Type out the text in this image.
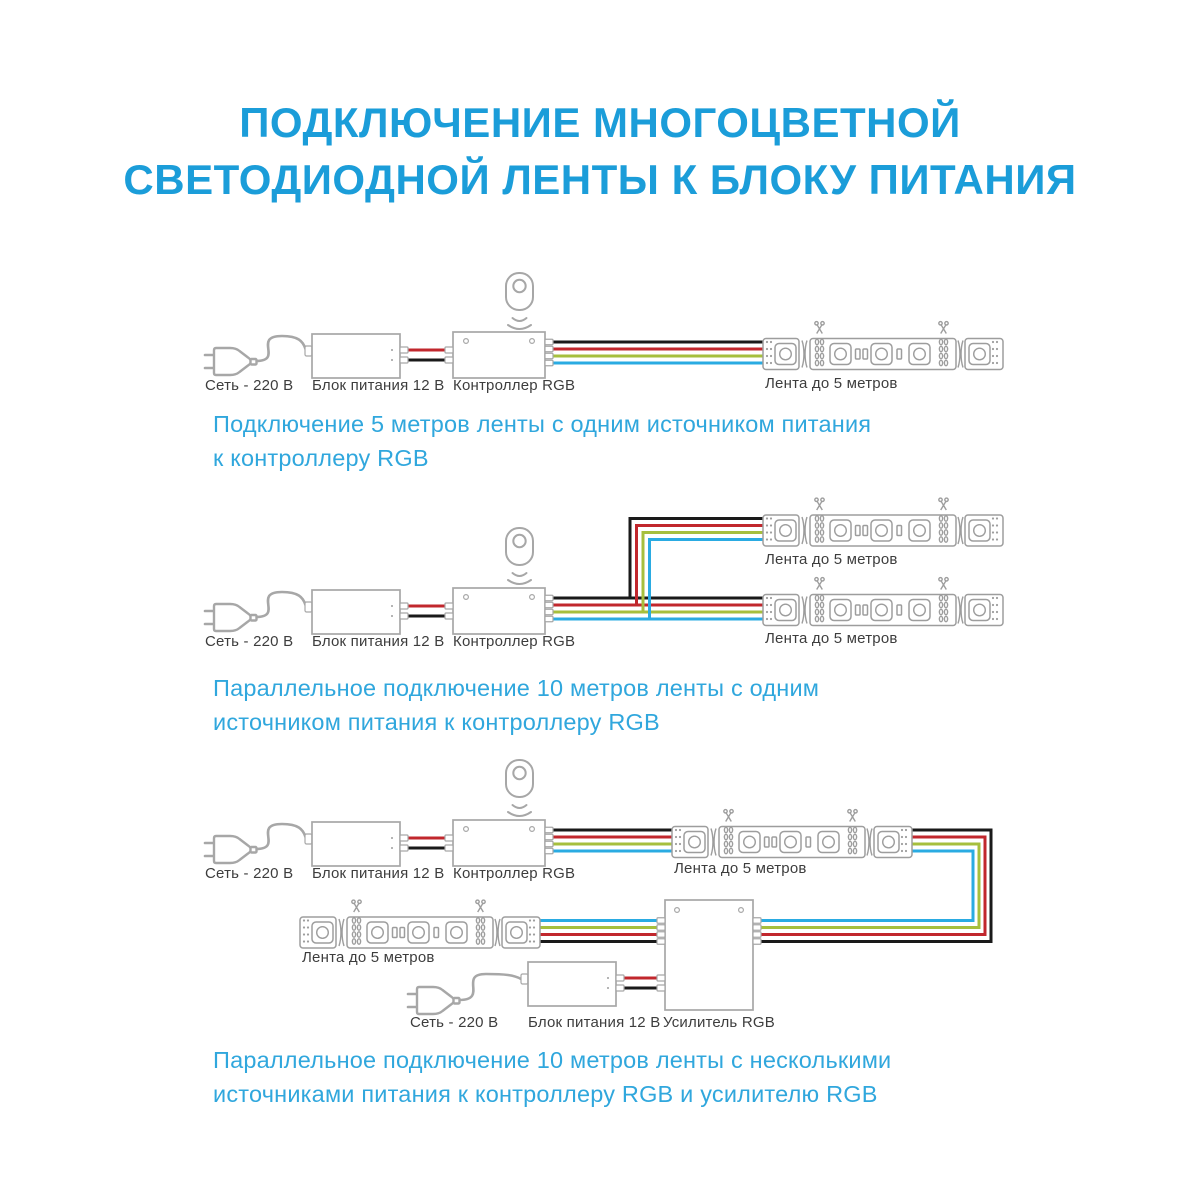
ПОДКЛЮЧЕНИЕ МНОГОЦВЕТНОЙ
СВЕТОДИОДНОЙ ЛЕНТЫ К БЛОКУ ПИТАНИЯ
Сеть - 220 В Блок питания 12 В Контроллер RGB	Лента до 5 метров
Сеть - 220 В Блок питания 12 В Контроллер RGB
Лента до 5 метров
Лента до 5 метров
Сеть - 220 В Блок питания 12 В Контроллер RGB	Лента до 5 метров
Лента до 5 метров
Сеть - 220 В Блок питания 12 В Усилитель RGB
Подключение 5 метров ленты с одним источником питания
к контроллеру RGB
Параллельное подключение 10 метров ленты с одним
источником питания к контроллеру RGB
Параллельное подключение 10 метров ленты с несколькими
источниками питания к контроллеру RGB и усилителю RGB
